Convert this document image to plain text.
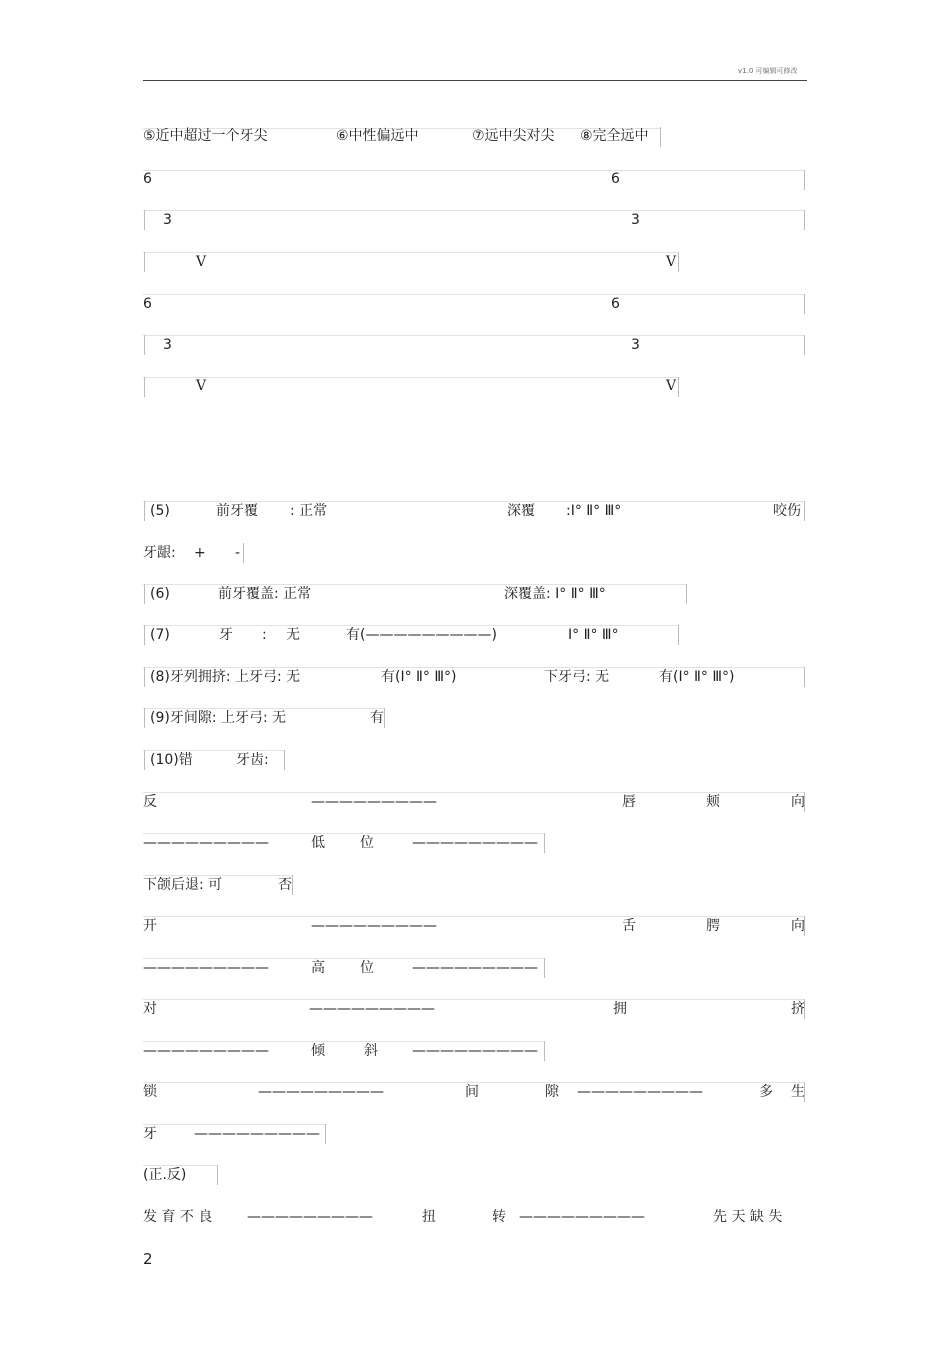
v1.0 可编辑可修改
⑤近中超过一个牙尖	⑥中性偏远中	⑦远中尖对尖 ⑧完全远中
6	6
3	3
V	V
6	6
3	3
V	V
(5)	前牙覆 : 正常	深覆 :Ⅰ° Ⅱ° Ⅲ°	咬伤
牙龈: + -
(6)	前牙覆盖: 正常	深覆盖: Ⅰ° Ⅱ° Ⅲ°
(7)	牙 : 无	有(—————————)	Ⅰ° Ⅱ° Ⅲ°
(8)牙列拥挤: 上牙弓: 无	有(Ⅰ° Ⅱ° Ⅲ°)	下牙弓: 无	有(Ⅰ° Ⅱ° Ⅲ°)
(9)牙间隙: 上牙弓: 无	有
(10)错	牙齿:
反	—————————	唇	颊	向
—————————	低	位	—————————
下颌后退: 可	否
开	—————————	舌	腭	向
—————————	高	位	—————————
对	—————————	拥	挤
—————————	倾	斜 —————————
锁	—————————	间	隙 —————————	多 生
牙	—————————
(正.反)
发 育 不 良 —————————	扭	转 —————————	先 天 缺 失
2
